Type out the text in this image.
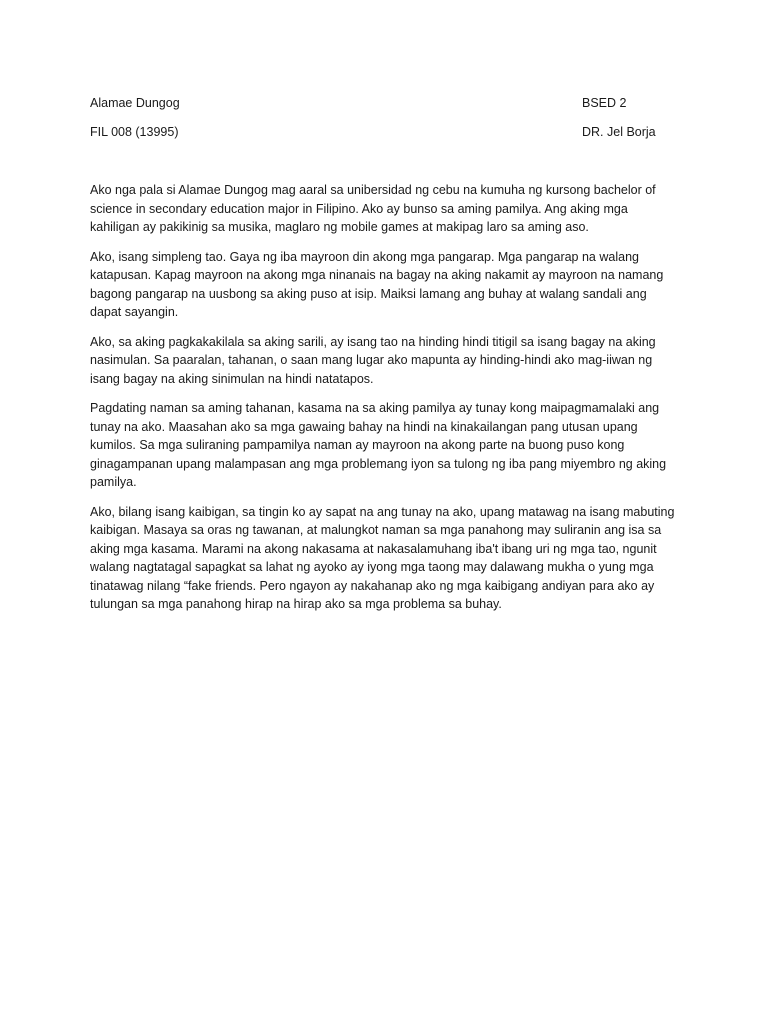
Alamae Dungog	BSED 2
FIL 008 (13995)	DR. Jel Borja

Ako nga pala si Alamae Dungog mag aaral sa unibersidad ng cebu na kumuha ng kursong bachelor of science in secondary education major in Filipino. Ako ay bunso sa aming pamilya. Ang aking mga kahiligan ay pakikinig sa musika, maglaro ng mobile games at makipag laro sa aming aso.

Ako, isang simpleng tao. Gaya ng iba mayroon din akong mga pangarap. Mga pangarap na walang katapusan. Kapag mayroon na akong mga ninanais na bagay na aking nakamit ay mayroon na namang bagong pangarap na uusbong sa aking puso at isip. Maiksi lamang ang buhay at walang sandali ang dapat sayangin.

Ako, sa aking pagkakakilala sa aking sarili, ay isang tao na hinding hindi titigil sa isang bagay na aking nasimulan. Sa paaralan, tahanan, o saan mang lugar ako mapunta ay hinding-hindi ako mag-iiwan ng isang bagay na aking sinimulan na hindi natatapos.

Pagdating naman sa aming tahanan, kasama na sa aking pamilya ay tunay kong maipagmamalaki ang tunay na ako. Maasahan ako sa mga gawaing bahay na hindi na kinakailangan pang utusan upang kumilos. Sa mga suliraning pampamilya naman ay mayroon na akong parte na buong puso kong ginagampanan upang malampasan ang mga problemang iyon sa tulong ng iba pang miyembro ng aking pamilya.

Ako, bilang isang kaibigan, sa tingin ko ay sapat na ang tunay na ako, upang matawag na isang mabuting kaibigan. Masaya sa oras ng tawanan, at malungkot naman sa mga panahong may suliranin ang isa sa aking mga kasama. Marami na akong nakasama at nakasalamuhang iba't ibang uri ng mga tao, ngunit walang nagtatagal sapagkat sa lahat ng ayoko ay iyong mga taong may dalawang mukha o yung mga tinatawag nilang “fake friends. Pero ngayon ay nakahanap ako ng mga kaibigang andiyan para ako ay tulungan sa mga panahong hirap na hirap ako sa mga problema sa buhay.
